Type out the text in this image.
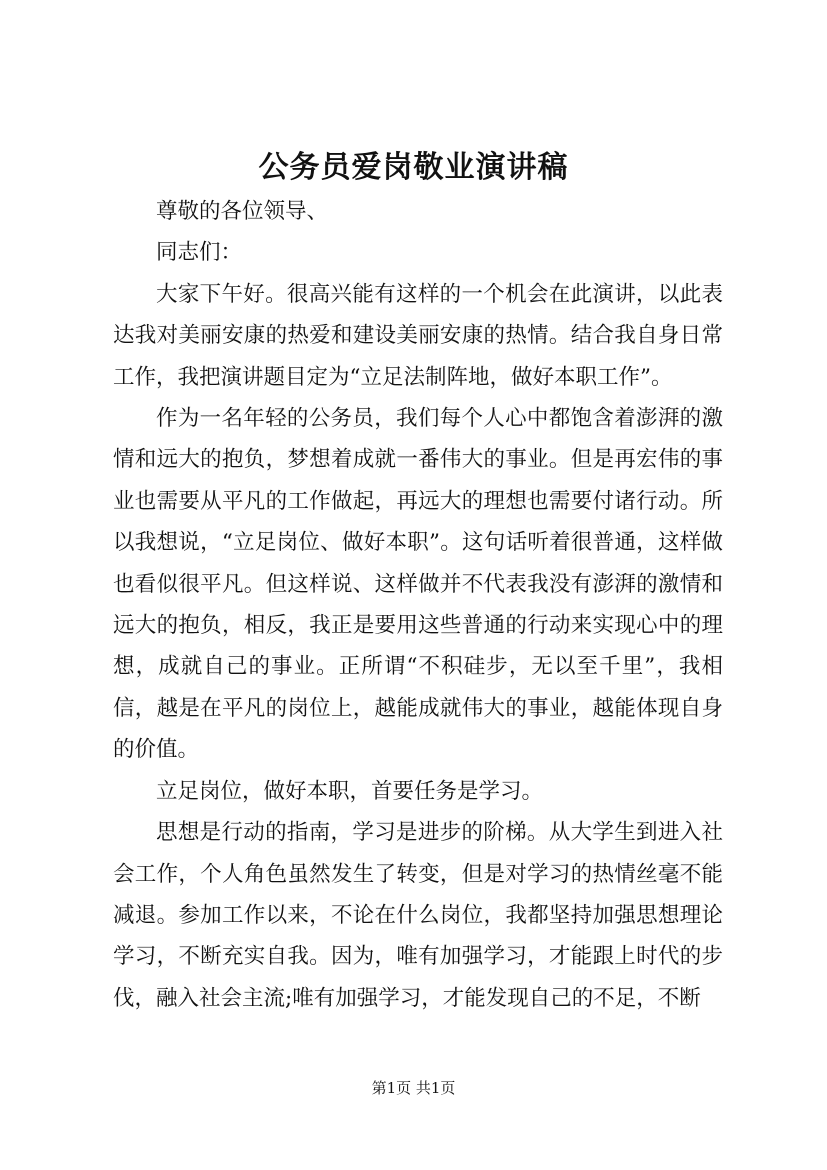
公务员爱岗敬业演讲稿

尊敬的各位领导、

同志们：

大家下午好。很高兴能有这样的一个机会在此演讲，以此表达我对美丽安康的热爱和建设美丽安康的热情。结合我自身日常工作，我把演讲题目定为“立足法制阵地，做好本职工作”。

作为一名年轻的公务员，我们每个人心中都饱含着澎湃的激情和远大的抱负，梦想着成就一番伟大的事业。但是再宏伟的事业也需要从平凡的工作做起，再远大的理想也需要付诸行动。所以我想说，“立足岗位、做好本职”。这句话听着很普通，这样做也看似很平凡。但这样说、这样做并不代表我没有澎湃的激情和远大的抱负，相反，我正是要用这些普通的行动来实现心中的理想，成就自己的事业。正所谓“不积硅步，无以至千里”，我相信，越是在平凡的岗位上，越能成就伟大的事业，越能体现自身的价值。

立足岗位，做好本职，首要任务是学习。

思想是行动的指南，学习是进步的阶梯。从大学生到进入社会工作，个人角色虽然发生了转变，但是对学习的热情丝毫不能减退。参加工作以来，不论在什么岗位，我都坚持加强思想理论学习，不断充实自我。因为，唯有加强学习，才能跟上时代的步伐，融入社会主流;唯有加强学习，才能发现自己的不足，不断

第1页 共1页
